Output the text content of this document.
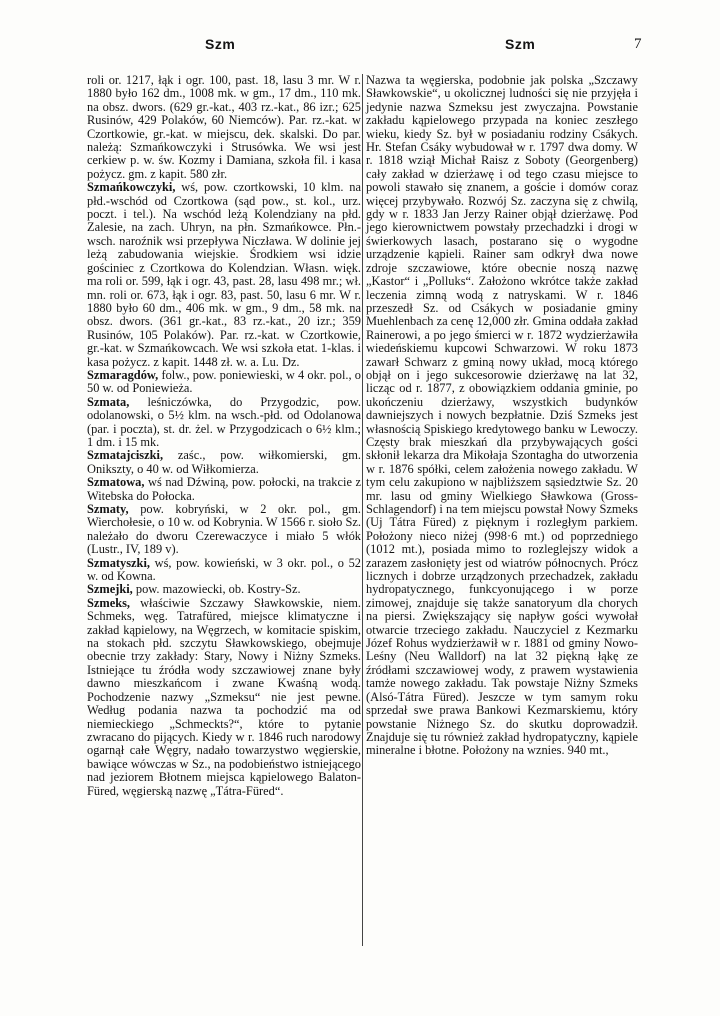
Szm	Szm	7

roli or. 1217, łąk i ogr. 100, past. 18, lasu 3 mr. W r. 1880 było 162 dm., 1008 mk. w gm., 17 dm., 110 mk. na obsz. dwors. (629 gr.-kat., 403 rz.-kat., 86 izr.; 625 Rusinów, 429 Polaków, 60 Niemców). Par. rz.-kat. w Czortkowie, gr.-kat. w miejscu, dek. skalski. Do par. należą: Szmańkowczyki i Strusówka. We wsi jest cerkiew p. w. św. Kozmy i Damiana, szkoła fil. i kasa pożycz. gm. z kapit. 580 złr.

Szmańkowczyki, wś, pow. czortkowski, 10 klm. na płd.-wschód od Czortkowa (sąd pow., st. kol., urz. poczt. i tel.). Na wschód leżą Kolendziany na płd. Zalesie, na zach. Uhryn, na płn. Szmańkowce. Płn.-wsch. naroźnik wsi przepływa Niczława. W dolinie jej leżą zabudowania wiejskie. Środkiem wsi idzie gościniec z Czortkowa do Kolendzian. Własn. więk. ma roli or. 599, łąk i ogr. 43, past. 28, lasu 498 mr.; wł. mn. roli or. 673, łąk i ogr. 83, past. 50, lasu 6 mr. W r. 1880 było 60 dm., 406 mk. w gm., 9 dm., 58 mk. na obsz. dwors. (361 gr.-kat., 83 rz.-kat., 20 izr.; 359 Rusinów, 105 Polaków). Par. rz.-kat. w Czortkowie, gr.-kat. w Szmańkowcach. We wsi szkoła etat. 1-klas. i kasa pożycz. z kapit. 1448 zł. w. a. Lu. Dz.

Szmaragdów, folw., pow. poniewieski, w 4 okr. pol., o 50 w. od Poniewieża.

Szmata, leśniczówka, do Przygodzic, pow. odolanowski, o 5½ klm. na wsch.-płd. od Odolanowa (par. i poczta), st. dr. żel. w Przygodzicach o 6½ klm.; 1 dm. i 15 mk.

Szmatajciszki, zaśc., pow. wiłkomierski, gm. Onikszty, o 40 w. od Wiłkomierza.

Szmatowa, wś nad Dźwiną, pow. połocki, na trakcie z Witebska do Połocka.

Szmaty, pow. kobryński, w 2 okr. pol., gm. Wierchołesie, o 10 w. od Kobrynia. W 1566 r. sioło Sz. należało do dworu Czerewaczyce i miało 5 włók (Lustr., IV, 189 v).

Szmatyszki, wś, pow. kowieński, w 3 okr. pol., o 52 w. od Kowna.

Szmejki, pow. mazowiecki, ob. Kostry-Sz.

Szmeks, właściwie Szczawy Sławkowskie, niem. Schmeks, węg. Tatrafüred, miejsce klimatyczne i zakład kąpielowy, na Węgrzech, w komitacie spiskim, na stokach płd. szczytu Sławkowskiego, obejmuje obecnie trzy zakłady: Stary, Nowy i Niżny Szmeks. Istniejące tu źródła wody szczawiowej znane były dawno mieszkańcom i zwane Kwaśną wodą. Pochodzenie nazwy „Szmeksu“ nie jest pewne. Według podania nazwa ta pochodzić ma od niemieckiego „Schmeckts?“, które to pytanie zwracano do pijących. Kiedy w r. 1846 ruch narodowy ogarnął całe Węgry, nadało towarzystwo węgierskie, bawiące wówczas w Sz., na podobieństwo istniejącego nad jeziorem Błotnem miejsca kąpielowego Balaton-Füred, węgierską nazwę „Tátra-Füred“.

Nazwa ta węgierska, podobnie jak polska „Szczawy Sławkowskie“, u okolicznej ludności się nie przyjęła i jedynie nazwa Szmeksu jest zwyczajna. Powstanie zakładu kąpielowego przypada na koniec zeszłego wieku, kiedy Sz. był w posiadaniu rodziny Csákych. Hr. Stefan Csáky wybudował w r. 1797 dwa domy. W r. 1818 wziął Michał Raisz z Soboty (Georgenberg) cały zakład w dzierżawę i od tego czasu miejsce to powoli stawało się znanem, a goście i domów coraz więcej przybywało. Rozwój Sz. zaczyna się z chwilą, gdy w r. 1833 Jan Jerzy Rainer objął dzierżawę. Pod jego kierownictwem powstały przechadzki i drogi w świerkowych lasach, postarano się o wygodne urządzenie kąpieli. Rainer sam odkrył dwa nowe zdroje szczawiowe, które obecnie noszą nazwę „Kastor“ i „Polluks“. Założono wkrótce także zakład leczenia zimną wodą z natryskami. W r. 1846 przeszedł Sz. od Csákych w posiadanie gminy Muehlenbach za cenę 12,000 złr. Gmina oddała zakład Rainerowi, a po jego śmierci w r. 1872 wydzierżawiła wiedeńskiemu kupcowi Schwarzowi. W roku 1873 zawarł Schwarz z gminą nowy układ, mocą którego objął on i jego sukcesorowie dzierżawę na lat 32, licząc od r. 1877, z obowiązkiem oddania gminie, po ukończeniu dzierżawy, wszystkich budynków dawniejszych i nowych bezpłatnie. Dziś Szmeks jest własnością Spiskiego kredytowego banku w Lewoczy. Częsty brak mieszkań dla przybywających gości skłonił lekarza dra Mikołaja Szontagha do utworzenia w r. 1876 spółki, celem założenia nowego zakładu. W tym celu zakupiono w najbliższem sąsiedztwie Sz. 20 mr. lasu od gminy Wielkiego Sławkowa (Gross-Schlagendorf) i na tem miejscu powstał Nowy Szmeks (Uj Tátra Füred) z pięknym i rozległym parkiem. Położony nieco niżej (998·6 mt.) od poprzedniego (1012 mt.), posiada mimo to rozleglejszy widok a zarazem zasłonięty jest od wiatrów północnych. Prócz licznych i dobrze urządzonych przechadzek, zakładu hydropatycznego, funkcyonującego i w porze zimowej, znajduje się także sanatoryum dla chorych na piersi. Zwiększający się napływ gości wywołał otwarcie trzeciego zakładu. Nauczyciel z Kezmarku Józef Rohus wydzierżawił w r. 1881 od gminy Nowo-Leśny (Neu Walldorf) na lat 32 piękną łąkę ze źródłami szczawiowej wody, z prawem wystawienia tamże nowego zakładu. Tak powstaje Niżny Szmeks (Alsó-Tátra Füred). Jeszcze w tym samym roku sprzedał swe prawa Bankowi Kezmarskiemu, który powstanie Niżnego Sz. do skutku doprowadził. Znajduje się tu również zakład hydropatyczny, kąpiele mineralne i błotne. Położony na wznies. 940 mt.,
